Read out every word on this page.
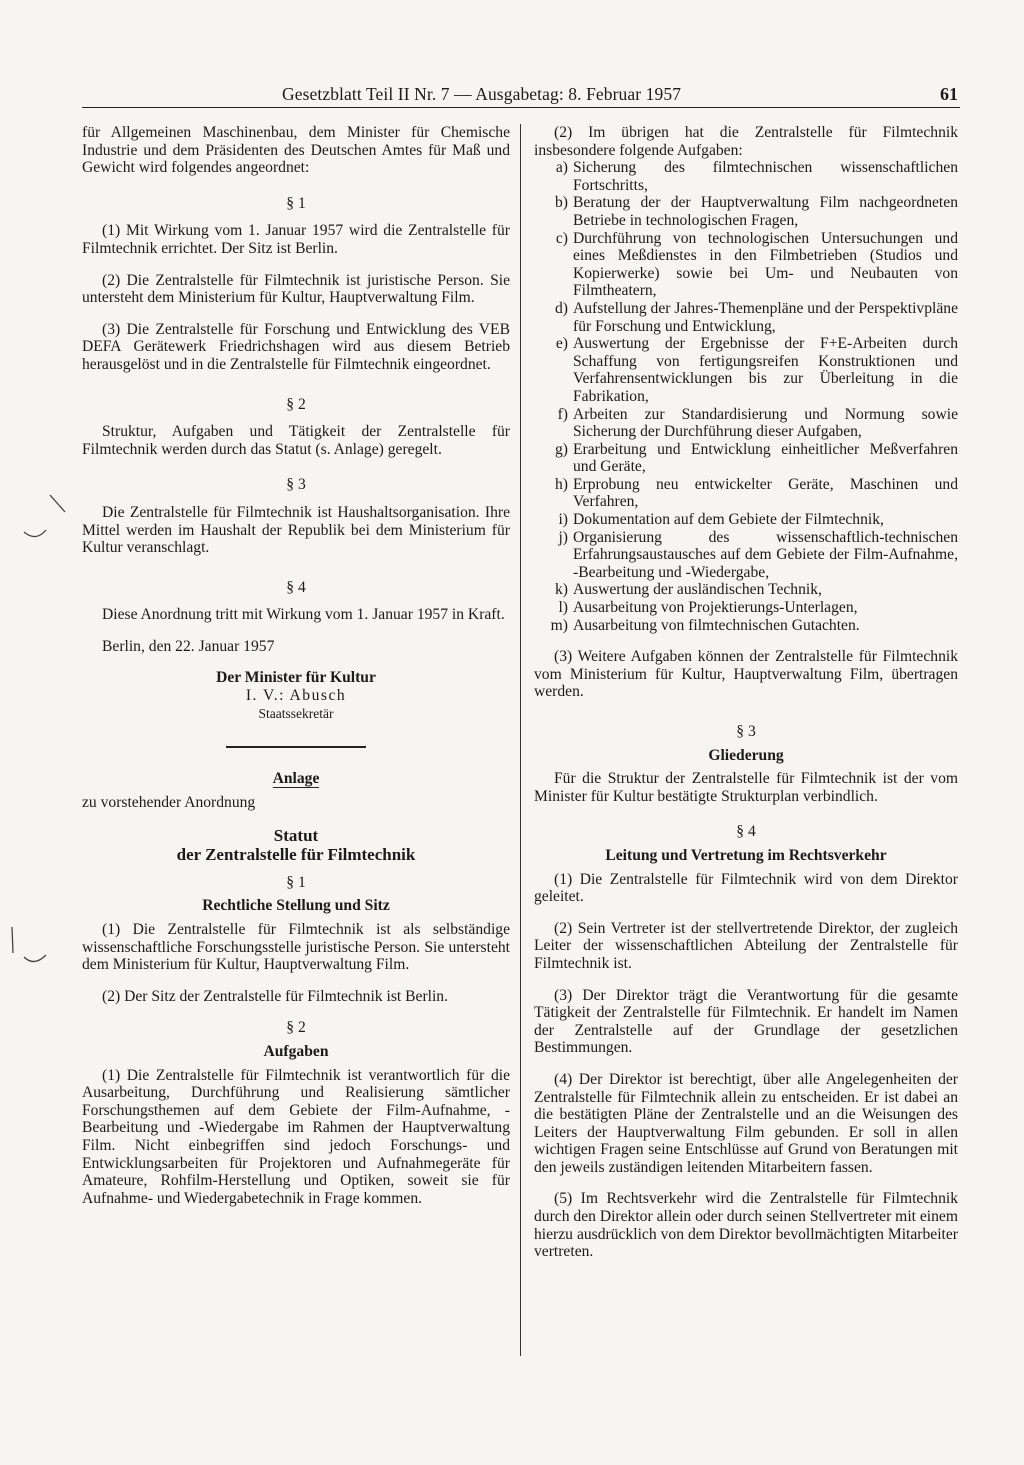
Gesetzblatt Teil II Nr. 7 — Ausgabetag: 8. Februar 1957	61

für Allgemeinen Maschinenbau, dem Minister für Chemische Industrie und dem Präsidenten des Deutschen Amtes für Maß und Gewicht wird folgendes angeordnet:

§ 1

(1) Mit Wirkung vom 1. Januar 1957 wird die Zentralstelle für Filmtechnik errichtet. Der Sitz ist Berlin.

(2) Die Zentralstelle für Filmtechnik ist juristische Person. Sie untersteht dem Ministerium für Kultur, Hauptverwaltung Film.

(3) Die Zentralstelle für Forschung und Entwicklung des VEB DEFA Gerätewerk Friedrichshagen wird aus diesem Betrieb herausgelöst und in die Zentralstelle für Filmtechnik eingeordnet.

§ 2

Struktur, Aufgaben und Tätigkeit der Zentralstelle für Filmtechnik werden durch das Statut (s. Anlage) geregelt.

§ 3

Die Zentralstelle für Filmtechnik ist Haushaltsorganisation. Ihre Mittel werden im Haushalt der Republik bei dem Ministerium für Kultur veranschlagt.

§ 4

Diese Anordnung tritt mit Wirkung vom 1. Januar 1957 in Kraft.

Berlin, den 22. Januar 1957

Der Minister für Kultur

I. V.: Abusch

Staatssekretär

Anlage

zu vorstehender Anordnung

Statut

der Zentralstelle für Filmtechnik

§ 1

Rechtliche Stellung und Sitz

(1) Die Zentralstelle für Filmtechnik ist als selbständige wissenschaftliche Forschungsstelle juristische Person. Sie untersteht dem Ministerium für Kultur, Hauptverwaltung Film.

(2) Der Sitz der Zentralstelle für Filmtechnik ist Berlin.

§ 2

Aufgaben

(1) Die Zentralstelle für Filmtechnik ist verantwortlich für die Ausarbeitung, Durchführung und Realisierung sämtlicher Forschungsthemen auf dem Gebiete der Film-Aufnahme, -Bearbeitung und -Wiedergabe im Rahmen der Hauptverwaltung Film. Nicht einbegriffen sind jedoch Forschungs- und Entwicklungsarbeiten für Projektoren und Aufnahmegeräte für Amateure, Rohfilm-Herstellung und Optiken, soweit sie für Aufnahme- und Wiedergabetechnik in Frage kommen.

(2) Im übrigen hat die Zentralstelle für Filmtechnik insbesondere folgende Aufgaben:

a) Sicherung des filmtechnischen wissenschaftlichen Fortschritts,
b) Beratung der der Hauptverwaltung Film nachgeordneten Betriebe in technologischen Fragen,
c) Durchführung von technologischen Untersuchungen und eines Meßdienstes in den Filmbetrieben (Studios und Kopierwerke) sowie bei Um- und Neubauten von Filmtheatern,
d) Aufstellung der Jahres-Themenpläne und der Perspektivpläne für Forschung und Entwicklung,
e) Auswertung der Ergebnisse der F+E-Arbeiten durch Schaffung von fertigungsreifen Konstruktionen und Verfahrensentwicklungen bis zur Überleitung in die Fabrikation,
f) Arbeiten zur Standardisierung und Normung sowie Sicherung der Durchführung dieser Aufgaben,
g) Erarbeitung und Entwicklung einheitlicher Meßverfahren und Geräte,
h) Erprobung neu entwickelter Geräte, Maschinen und Verfahren,
i) Dokumentation auf dem Gebiete der Filmtechnik,
j) Organisierung des wissenschaftlich-technischen Erfahrungsaustausches auf dem Gebiete der Film-Aufnahme, -Bearbeitung und -Wiedergabe,
k) Auswertung der ausländischen Technik,
l) Ausarbeitung von Projektierungs-Unterlagen,
m) Ausarbeitung von filmtechnischen Gutachten.

(3) Weitere Aufgaben können der Zentralstelle für Filmtechnik vom Ministerium für Kultur, Hauptverwaltung Film, übertragen werden.

§ 3

Gliederung

Für die Struktur der Zentralstelle für Filmtechnik ist der vom Minister für Kultur bestätigte Strukturplan verbindlich.

§ 4

Leitung und Vertretung im Rechtsverkehr

(1) Die Zentralstelle für Filmtechnik wird von dem Direktor geleitet.

(2) Sein Vertreter ist der stellvertretende Direktor, der zugleich Leiter der wissenschaftlichen Abteilung der Zentralstelle für Filmtechnik ist.

(3) Der Direktor trägt die Verantwortung für die gesamte Tätigkeit der Zentralstelle für Filmtechnik. Er handelt im Namen der Zentralstelle auf der Grundlage der gesetzlichen Bestimmungen.

(4) Der Direktor ist berechtigt, über alle Angelegenheiten der Zentralstelle für Filmtechnik allein zu entscheiden. Er ist dabei an die bestätigten Pläne der Zentralstelle und an die Weisungen des Leiters der Hauptverwaltung Film gebunden. Er soll in allen wichtigen Fragen seine Entschlüsse auf Grund von Beratungen mit den jeweils zuständigen leitenden Mitarbeitern fassen.

(5) Im Rechtsverkehr wird die Zentralstelle für Filmtechnik durch den Direktor allein oder durch seinen Stellvertreter mit einem hierzu ausdrücklich von dem Direktor bevollmächtigten Mitarbeiter vertreten.
